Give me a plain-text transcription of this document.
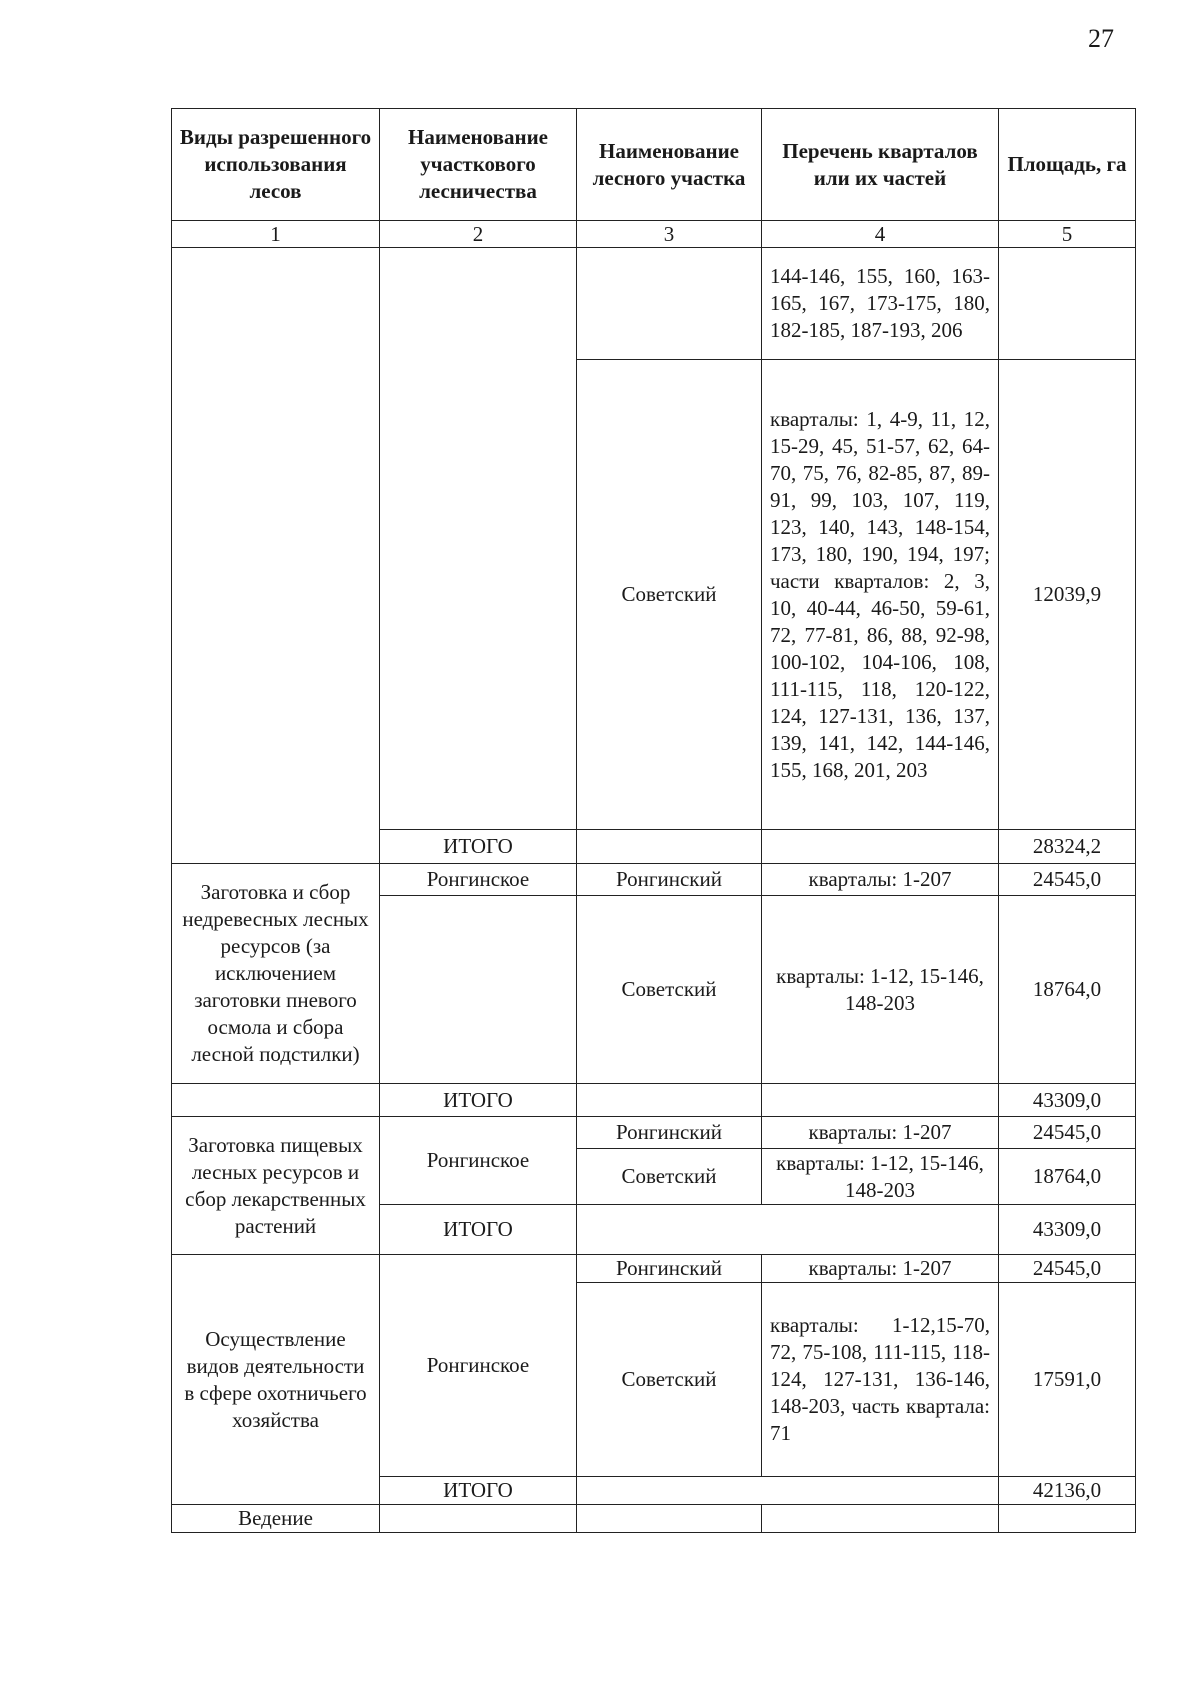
27
Виды разрешенного использования лесов	Наименование участкового лесничества	Наименование лесного участка	Перечень кварталов или их частей	Площадь, га
1	2	3	4	5
			144-146, 155, 160, 163-165, 167, 173-175, 180, 182-185, 187-193, 206	
		Советский	кварталы: 1, 4-9, 11, 12, 15-29, 45, 51-57, 62, 64-70, 75, 76, 82-85, 87, 89-91, 99, 103, 107, 119, 123, 140, 143, 148-154, 173, 180, 190, 194, 197; части кварталов: 2, 3, 10, 40-44, 46-50, 59-61, 72, 77-81, 86, 88, 92-98, 100-102, 104-106, 108, 111-115, 118, 120-122, 124, 127-131, 136, 137, 139, 141, 142, 144-146, 155, 168, 201, 203	12039,9
	ИТОГО			28324,2
Заготовка и сбор недревесных лесных ресурсов (за исключением заготовки пневого осмола и сбора лесной подстилки)	Ронгинское	Ронгинский	кварталы: 1-207	24545,0
		Советский	кварталы: 1-12, 15-146, 148-203	18764,0
	ИТОГО			43309,0
Заготовка пищевых лесных ресурсов и сбор лекарственных растений	Ронгинское	Ронгинский	кварталы: 1-207	24545,0
		Советский	кварталы: 1-12, 15-146, 148-203	18764,0
	ИТОГО			43309,0
Осуществление видов деятельности в сфере охотничьего хозяйства	Ронгинское	Ронгинский	кварталы: 1-207	24545,0
		Советский	кварталы: 1-12,15-70, 72, 75-108, 111-115, 118-124, 127-131, 136-146, 148-203, часть квартала: 71	17591,0
	ИТОГО			42136,0
Ведение				
